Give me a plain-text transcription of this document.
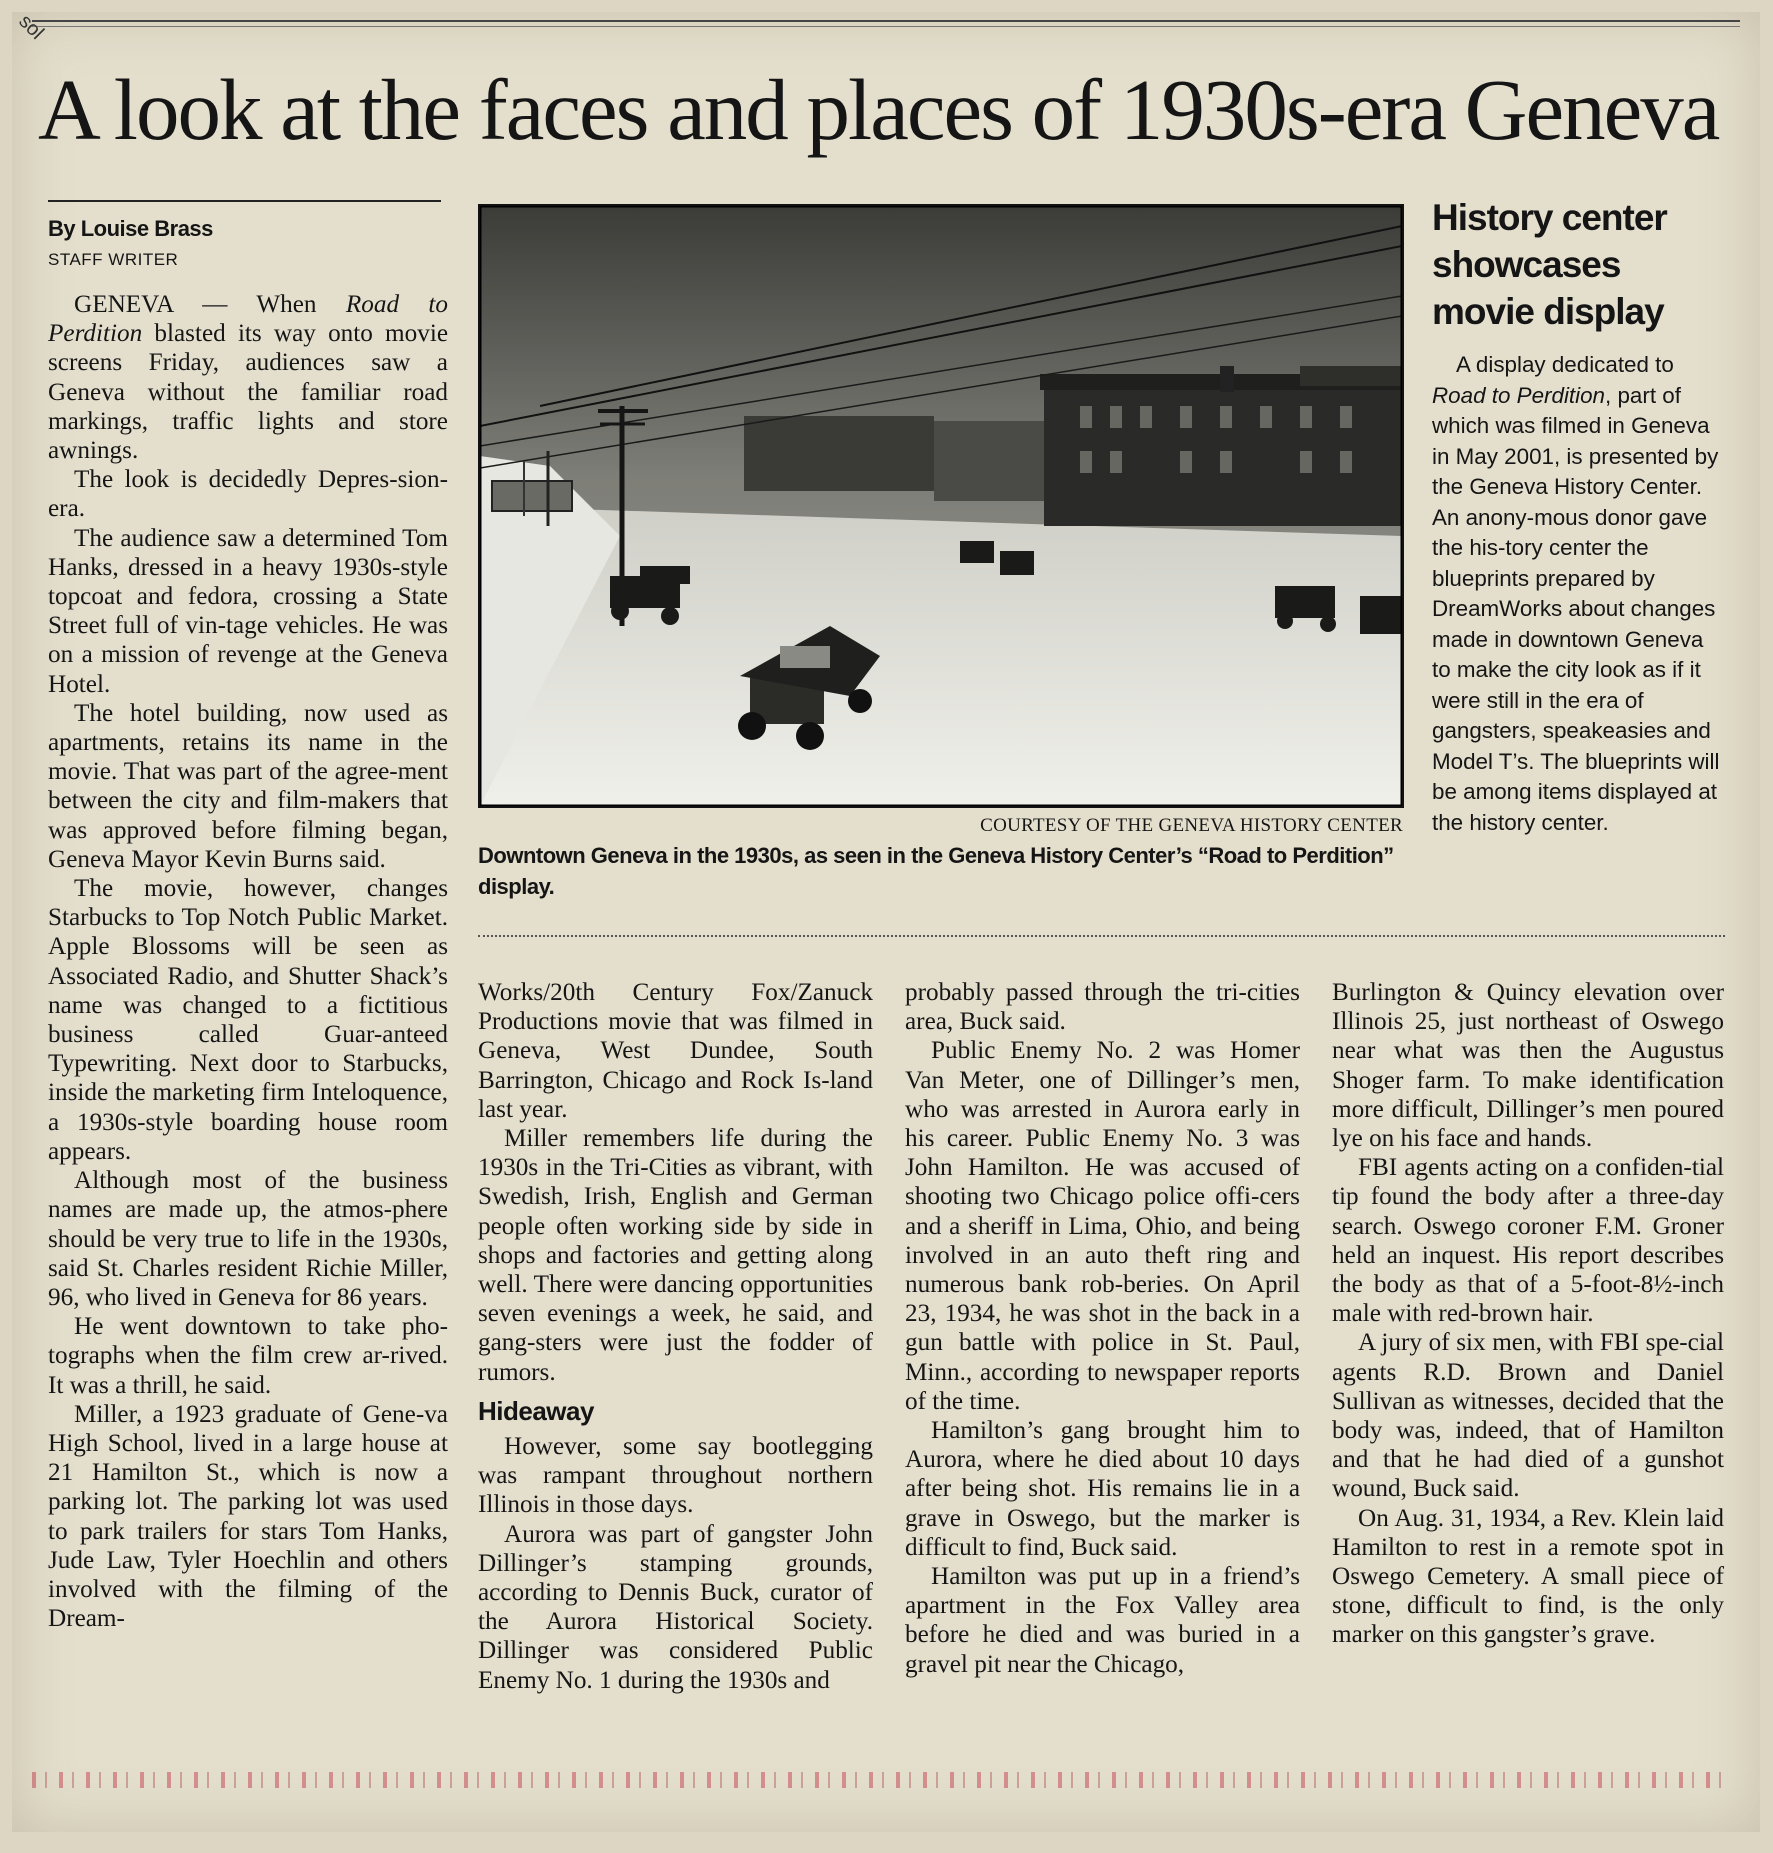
sol
A look at the faces and places of 1930s-era Geneva
By Louise Brass
STAFF WRITER

GENEVA — When Road to Perdition blasted its way onto movie screens Friday, audiences saw a Geneva without the familiar road markings, traffic lights and store awnings.

The look is decidedly Depres-sion-era.

The audience saw a determined Tom Hanks, dressed in a heavy 1930s-style topcoat and fedora, crossing a State Street full of vin-tage vehicles. He was on a mission of revenge at the Geneva Hotel.

The hotel building, now used as apartments, retains its name in the movie. That was part of the agree-ment between the city and film-makers that was approved before filming began, Geneva Mayor Kevin Burns said.

The movie, however, changes Starbucks to Top Notch Public Market. Apple Blossoms will be seen as Associated Radio, and Shutter Shack’s name was changed to a fictitious business called Guar-anteed Typewriting. Next door to Starbucks, inside the marketing firm Inteloquence, a 1930s-style boarding house room appears.

Although most of the business names are made up, the atmos-phere should be very true to life in the 1930s, said St. Charles resident Richie Miller, 96, who lived in Geneva for 86 years.

He went downtown to take pho-tographs when the film crew ar-rived. It was a thrill, he said.

Miller, a 1923 graduate of Gene-va High School, lived in a large house at 21 Hamilton St., which is now a parking lot. The parking lot was used to park trailers for stars Tom Hanks, Jude Law, Tyler Hoechlin and others involved with the filming of the Dream-

COURTESY OF THE GENEVA HISTORY CENTER
Downtown Geneva in the 1930s, as seen in the Geneva History Center’s “Road to Perdition” display.
History center
showcases
movie display

A display dedicated to Road to Perdition, part of which was filmed in Geneva in May 2001, is presented by the Geneva History Center. An anony-mous donor gave the his-tory center the blueprints prepared by DreamWorks about changes made in downtown Geneva to make the city look as if it were still in the era of gangsters, speakeasies and Model T’s. The blueprints will be among items displayed at the history center.

Works/20th Century Fox/Zanuck Productions movie that was filmed in Geneva, West Dundee, South Barrington, Chicago and Rock Is-land last year.

Miller remembers life during the 1930s in the Tri-Cities as vibrant, with Swedish, Irish, English and German people often working side by side in shops and factories and getting along well. There were dancing opportunities seven evenings a week, he said, and gang-sters were just the fodder of rumors.

Hideaway

However, some say bootlegging was rampant throughout northern Illinois in those days.

Aurora was part of gangster John Dillinger’s stamping grounds, according to Dennis Buck, curator of the Aurora Historical Society. Dillinger was considered Public Enemy No. 1 during the 1930s and

probably passed through the tri-cities area, Buck said.

Public Enemy No. 2 was Homer Van Meter, one of Dillinger’s men, who was arrested in Aurora early in his career. Public Enemy No. 3 was John Hamilton. He was accused of shooting two Chicago police offi-cers and a sheriff in Lima, Ohio, and being involved in an auto theft ring and numerous bank rob-beries. On April 23, 1934, he was shot in the back in a gun battle with police in St. Paul, Minn., according to newspaper reports of the time.

Hamilton’s gang brought him to Aurora, where he died about 10 days after being shot. His remains lie in a grave in Oswego, but the marker is difficult to find, Buck said.

Hamilton was put up in a friend’s apartment in the Fox Valley area before he died and was buried in a gravel pit near the Chicago,

Burlington & Quincy elevation over Illinois 25, just northeast of Oswego near what was then the Augustus Shoger farm. To make identification more difficult, Dillinger’s men poured lye on his face and hands.

FBI agents acting on a confiden-tial tip found the body after a three-day search. Oswego coroner F.M. Groner held an inquest. His report describes the body as that of a 5-foot-8½-inch male with red-brown hair.

A jury of six men, with FBI spe-cial agents R.D. Brown and Daniel Sullivan as witnesses, decided that the body was, indeed, that of Hamilton and that he had died of a gunshot wound, Buck said.

On Aug. 31, 1934, a Rev. Klein laid Hamilton to rest in a remote spot in Oswego Cemetery. A small piece of stone, difficult to find, is the only marker on this gangster’s grave.
